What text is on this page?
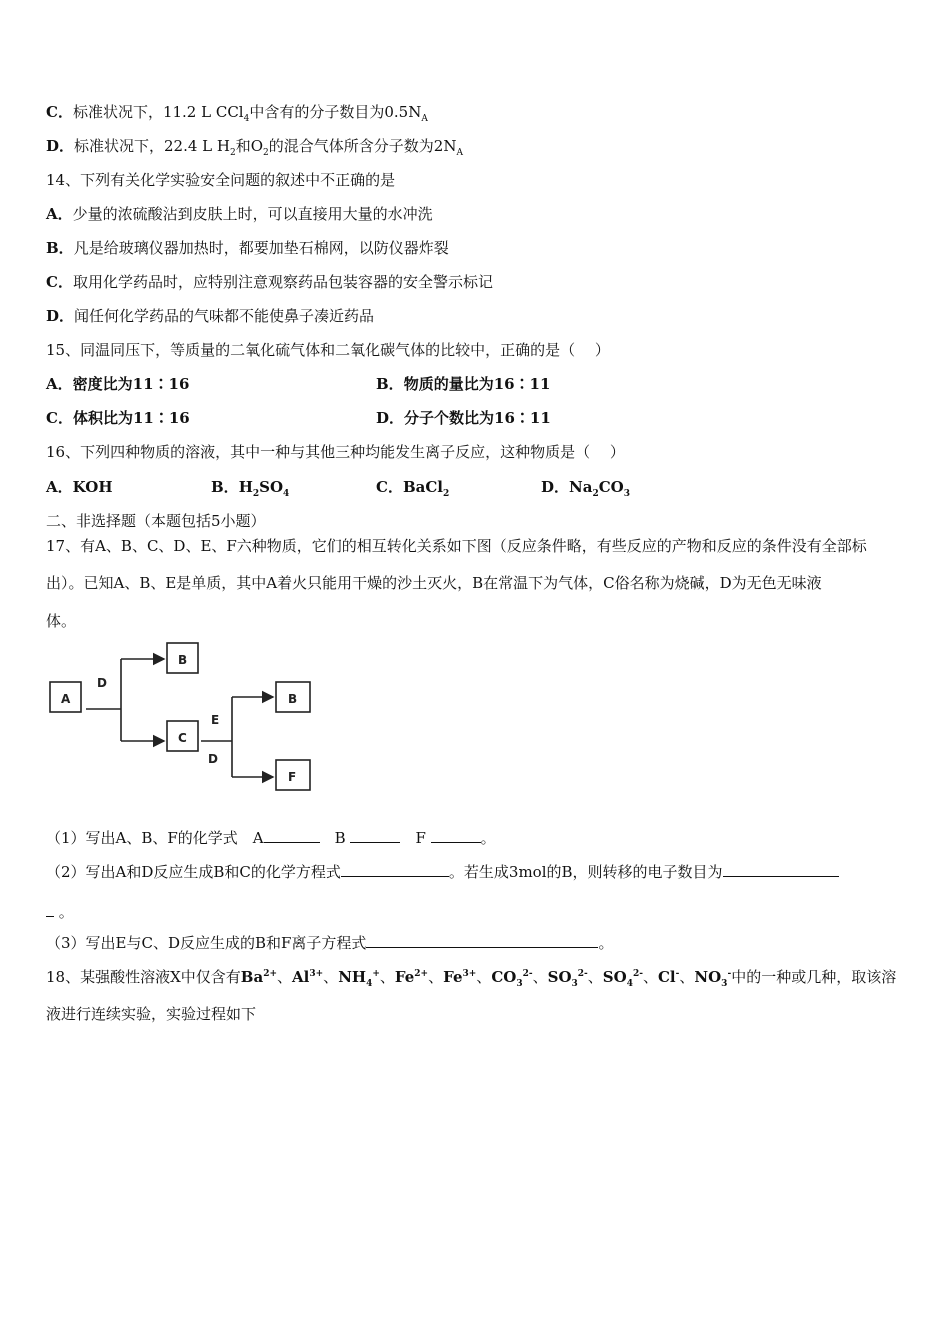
C．标准状况下，11.2 L CCl$_4$中含有的分子数目为$0.5N_A$
D．标准状况下，22.4 L $H_2$和$O_2$的混合气体所含分子数为$2N_A$
14、下列有关化学实验安全问题的叙述中不正确的是
A．少量的浓硫酸沾到皮肤上时，可以直接用大量的水冲洗
B．凡是给玻璃仪器加热时，都要加垫石棉网，以防仪器炸裂
C．取用化学药品时，应特别注意观察药品包装容器的安全警示标记
D．闻任何化学药品的气味都不能使鼻子凑近药品
15、同温同压下，等质量的二氧化硫气体和二氧化碳气体的比较中，正确的是（　 ）
A．密度比为11∶16	B．物质的量比为16∶11
C．体积比为11∶16	D．分子个数比为16∶11
16、下列四种物质的溶液，其中一种与其他三种均能发生离子反应，这种物质是（　 ）
A．KOH	B．$H_2SO_4$	C．BaCl$_2$	D．$Na_2CO_3$
二、非选择题（本题包括5小题）
17、有A、B、C、D、E、F六种物质，它们的相互转化关系如下图（反应条件略，有些反应的产物和反应的条件没有全部标
出）。已知A、B、E是单质，其中A着火只能用干燥的沙土灭火，B在常温下为气体，C俗名称为烧碱，D为无色无味液
体。
A
B
C
B
F
D
E
D
（1）写出A、B、F的化学式　A	　B	　F	。
（2）写出A和D反应生成B和C的化学方程式	。若生成3mol的B，则转移的电子数目为
。
（3）写出E与C、D反应生成的B和F离子方程式	。
18、某强酸性溶液X中仅含有$Ba^{2+}$、$Al^{3+}$、$NH_4^+$、$Fe^{2+}$、$Fe^{3+}$、$CO_3^{2-}$、$SO_3^{2-}$、$SO_4^{2-}$、Cl-、$NO_3^-$中的一种或几种，取该溶
液进行连续实验，实验过程如下
